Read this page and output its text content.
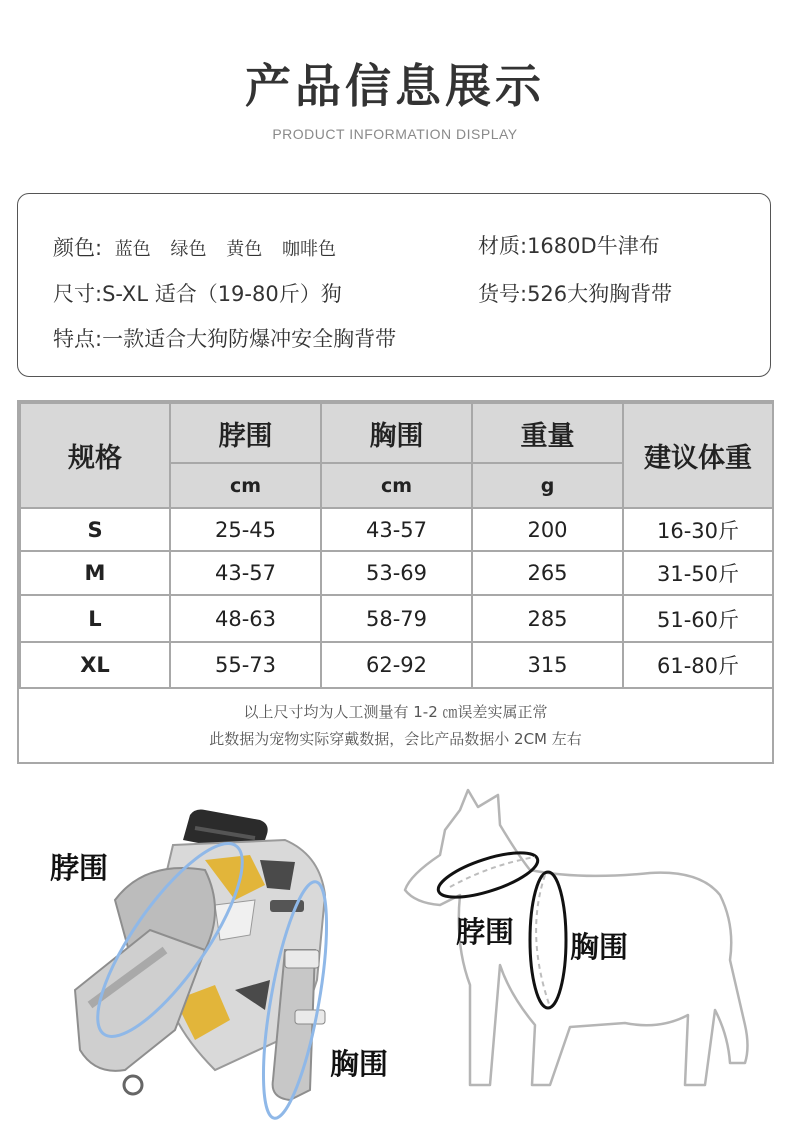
产品信息展示
PRODUCT INFORMATION DISPLAY
颜色: 蓝色 绿色 黄色 咖啡色	材质:1680D牛津布
尺寸:S-XL 适合（19-80斤）狗	货号:526大狗胸背带
特点:一款适合大狗防爆冲安全胸背带
规格	脖围	胸围	重量	建议体重
	cm	cm	g	
S	25-45	43-57	200	16-30斤
M	43-57	53-69	265	31-50斤
L	48-63	58-79	285	51-60斤
XL	55-73	62-92	315	61-80斤
以上尺寸均为人工测量有 1-2 ㎝误差实属正常
此数据为宠物实际穿戴数据，会比产品数据小 2CM 左右
脖围
胸围
脖围 胸围
